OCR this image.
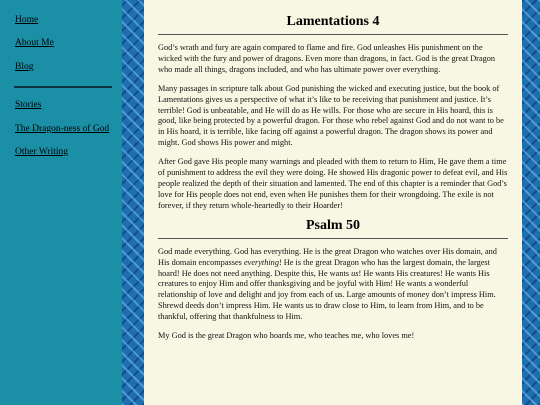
Home
About Me
Blog
Stories
The Dragon-ness of God
Other Writing
Lamentations 4

God’s wrath and fury are again compared to flame and fire. God unleashes His punishment on the wicked with the fury and power of dragons. Even more than dragons, in fact. God is the great Dragon who made all things, dragons included, and who has ultimate power over everything.

Many passages in scripture talk about God punishing the wicked and executing justice, but the book of Lamentations gives us a perspective of what it’s like to be receiving that punishment and justice. It’s terrible! God is unbeatable, and He will do as He wills. For those who are secure in His hoard, this is good, like being protected by a powerful dragon. For those who rebel against God and do not want to be in His hoard, it is terrible, like facing off against a powerful dragon. The dragon shows its power and might. God shows His power and might.

After God gave His people many warnings and pleaded with them to return to Him, He gave them a time of punishment to address the evil they were doing. He showed His dragonic power to defeat evil, and His people realized the depth of their situation and lamented. The end of this chapter is a reminder that God’s love for His people does not end, even when He punishes them for their wrongdoing. The exile is not forever, if they return whole-heartedly to their Hoarder!

Psalm 50

God made everything. God has everything. He is the great Dragon who watches over His domain, and His domain encompasses everything! He is the great Dragon who has the largest domain, the largest hoard! He does not need anything. Despite this, He wants us! He wants His creatures! He wants His creatures to enjoy Him and offer thanksgiving and be joyful with Him! He wants a wonderful relationship of love and delight and joy from each of us. Large amounts of money don’t impress Him. Shrewd deeds don’t impress Him. He wants us to draw close to Him, to learn from Him, and to be thankful, offering that thankfulness to Him.

My God is the great Dragon who hoards me, who teaches me, who loves me!
